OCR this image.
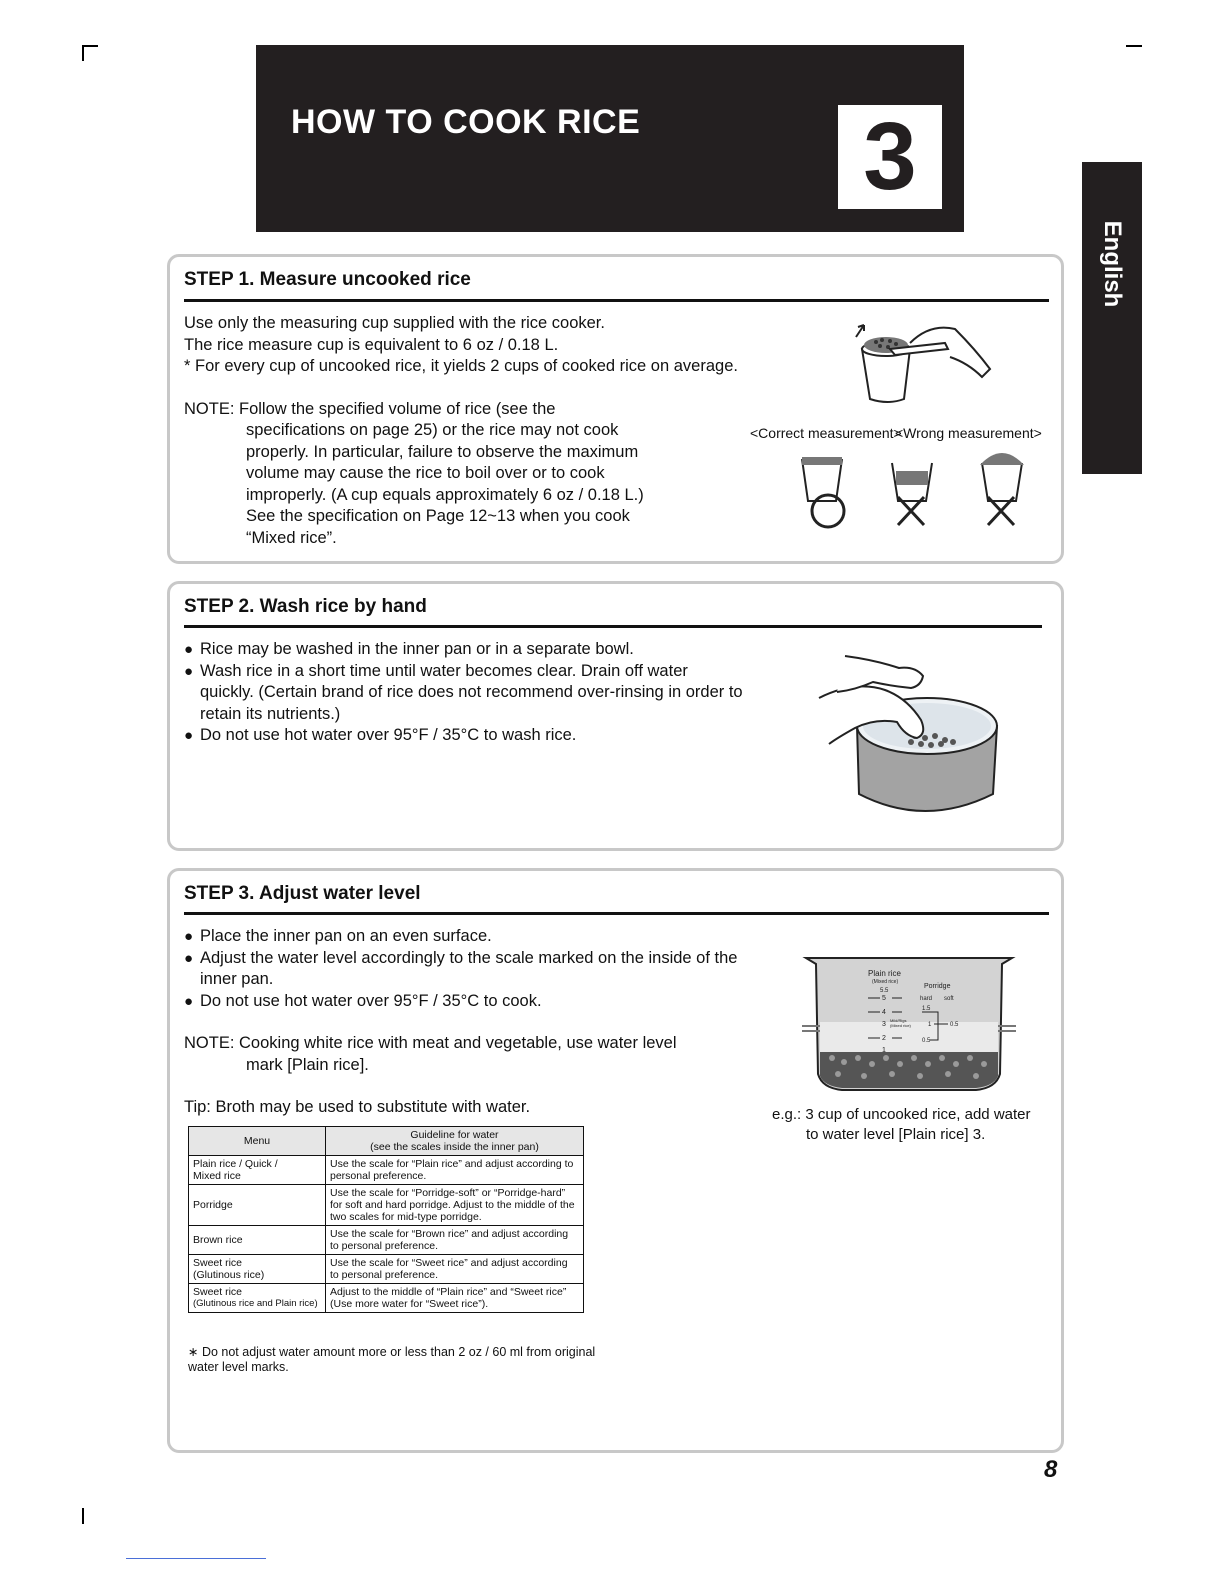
HOW TO COOK RICE 3
English
STEP 1. Measure uncooked rice

Use only the measuring cup supplied with the rice cooker.

The rice measure cup is equivalent to 6 oz / 0.18 L.

* For every cup of uncooked rice, it yields 2 cups of cooked rice on average.

NOTE: Follow the specified volume of rice (see the

specifications on page 25) or the rice may not cook

properly. In particular, failure to observe the maximum

volume may cause the rice to boil over or to cook

improperly. (A cup equals approximately 6 oz / 0.18 L.)

See the specification on Page 12~13 when you cook

“Mixed rice”.

<Correct measurement>
<Wrong measurement>
STEP 2. Wash rice by hand

● Rice may be washed in the inner pan or in a separate bowl.

● Wash rice in a short time until water becomes clear. Drain off water quickly. (Certain brand of rice does not recommend over-rinsing in order to retain its nutrients.)

● Do not use hot water over 95°F / 35°C to wash rice.

STEP 3. Adjust water level

● Place the inner pan on an even surface.

● Adjust the water level accordingly to the scale marked on the inside of the inner pan.

● Do not use hot water over 95°F / 35°C to cook.

NOTE: Cooking white rice with meat and vegetable, use water level

mark [Plain rice].

Tip: Broth may be used to substitute with water.

Plain rice
(Mixed rice)
Porridge
hard soft
5.5
5
4
3
2
1
Mild/Rigs
(Mixed rice)
1.5
1	0.5
0.5

e.g.: 3 cup of uncooked rice, add water

to water level [Plain rice] 3.

Menu	Guideline for water
(see the scales inside the inner pan)

Plain rice / Quick /
Mixed rice	Use the scale for “Plain rice” and adjust according to personal preference.

Porridge	Use the scale for “Porridge-soft” or “Porridge-hard” for soft and hard porridge. Adjust to the middle of the two scales for mid-type porridge.

Brown rice	Use the scale for “Brown rice” and adjust according to personal preference.

Sweet rice
(Glutinous rice)	Use the scale for “Sweet rice” and adjust according to personal preference.

Sweet rice
(Glutinous rice and Plain rice)	Adjust to the middle of “Plain rice” and “Sweet rice” (Use more water for “Sweet rice”).
∗ Do not adjust water amount more or less than 2 oz / 60 ml from original water level marks.
8
